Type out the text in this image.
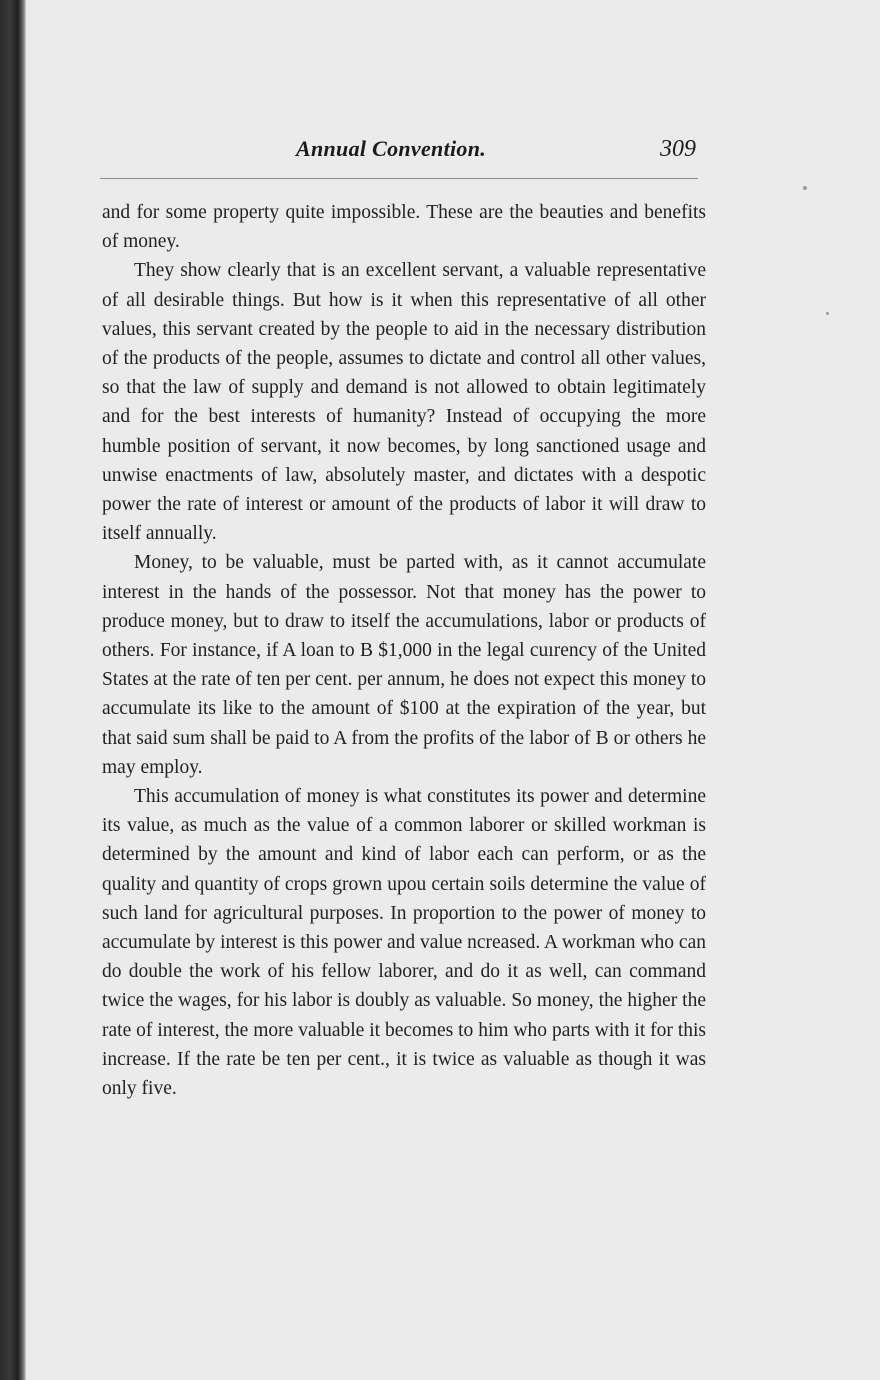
Annual Convention.	309

and for some property quite impossible. These are the beauties and benefits of money.

They show clearly that is an excellent servant, a valuable representative of all desirable things. But how is it when this representative of all other values, this servant created by the people to aid in the necessary distribution of the products of the people, assumes to dictate and control all other values, so that the law of supply and demand is not allowed to obtain legitimately and for the best interests of humanity? Instead of occupying the more humble position of servant, it now becomes, by long sanctioned usage and unwise enactments of law, absolutely master, and dictates with a despotic power the rate of interest or amount of the products of labor it will draw to itself annually.

Money, to be valuable, must be parted with, as it cannot accumulate interest in the hands of the possessor. Not that money has the power to produce money, but to draw to itself the accumulations, labor or products of others. For instance, if A loan to B $1,000 in the legal cuırency of the United States at the rate of ten per cent. per annum, he does not expect this money to accumulate its like to the amount of $100 at the expiration of the year, but that said sum shall be paid to A from the profits of the labor of B or others he may employ.

This accumulation of money is what constitutes its power and determine its value, as much as the value of a common laborer or skilled workman is determined by the amount and kind of labor each can perform, or as the quality and quantity of crops grown upou certain soils determine the value of such land for agricultural purposes. In proportion to the power of money to accumulate by interest is this power and value ncreased. A workman who can do double the work of his fellow laborer, and do it as well, can command twice the wages, for his labor is doubly as valuable. So money, the higher the rate of interest, the more valuable it becomes to him who parts with it for this increase. If the rate be ten per cent., it is twice as valuable as though it was only five.
